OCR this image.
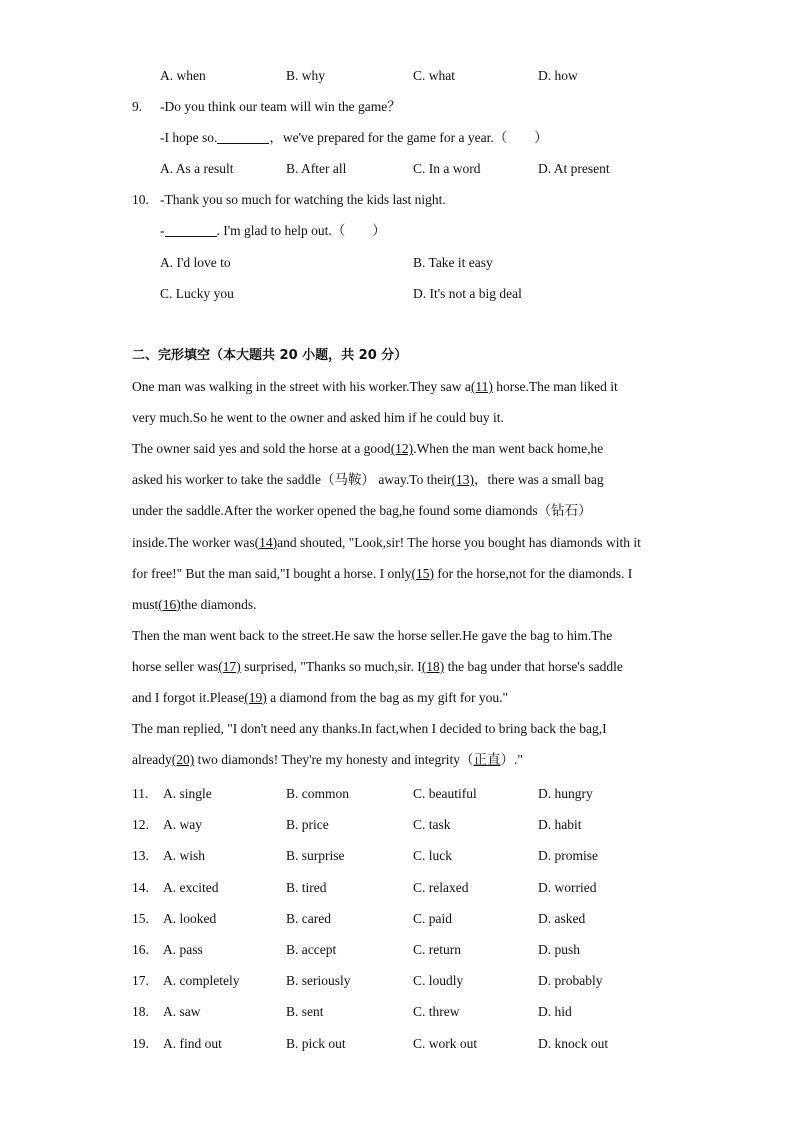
A. when	B. why	C. what	D. how
9. -Do you think our team will win the game？
-I hope so.	，we've prepared for the game for a year.（　　）
A. As a result	B. After all	C. In a word	D. At present
10. -Thank you so much for watching the kids last night.
-	. I'm glad to help out.（　　）
A. I'd love to	B. Take it easy
C. Lucky you	D. It's not a big deal
二、完形填空（本大题共 20 小题，共 20 分）
One man was walking in the street with his worker.They saw a(11) horse.The man liked it
very much.So he went to the owner and asked him if he could buy it.
The owner said yes and sold the horse at a good(12).When the man went back home,he
asked his worker to take the saddle（马鞍） away.To their(13)，there was a small bag
under the saddle.After the worker opened the bag,he found some diamonds（钻石）
inside.The worker was(14)and shouted, "Look,sir! The horse you bought has diamonds with it
for free!" But the man said,"I bought a horse. I only(15) for the horse,not for the diamonds. I
must(16)the diamonds.
Then the man went back to the street.He saw the horse seller.He gave the bag to him.The
horse seller was(17) surprised, "Thanks so much,sir. I(18) the bag under that horse's saddle
and I forgot it.Please(19) a diamond from the bag as my gift for you."
The man replied, "I don't need any thanks.In fact,when I decided to bring back the bag,I
already(20) two diamonds! They're my honesty and integrity（正直）."
11. A. single	B. common	C. beautiful	D. hungry
12. A. way	B. price	C. task	D. habit
13. A. wish	B. surprise	C. luck	D. promise
14. A. excited	B. tired	C. relaxed	D. worried
15. A. looked	B. cared	C. paid	D. asked
16. A. pass	B. accept	C. return	D. push
17. A. completely	B. seriously	C. loudly	D. probably
18. A. saw	B. sent	C. threw	D. hid
19. A. find out	B. pick out	C. work out	D. knock out
